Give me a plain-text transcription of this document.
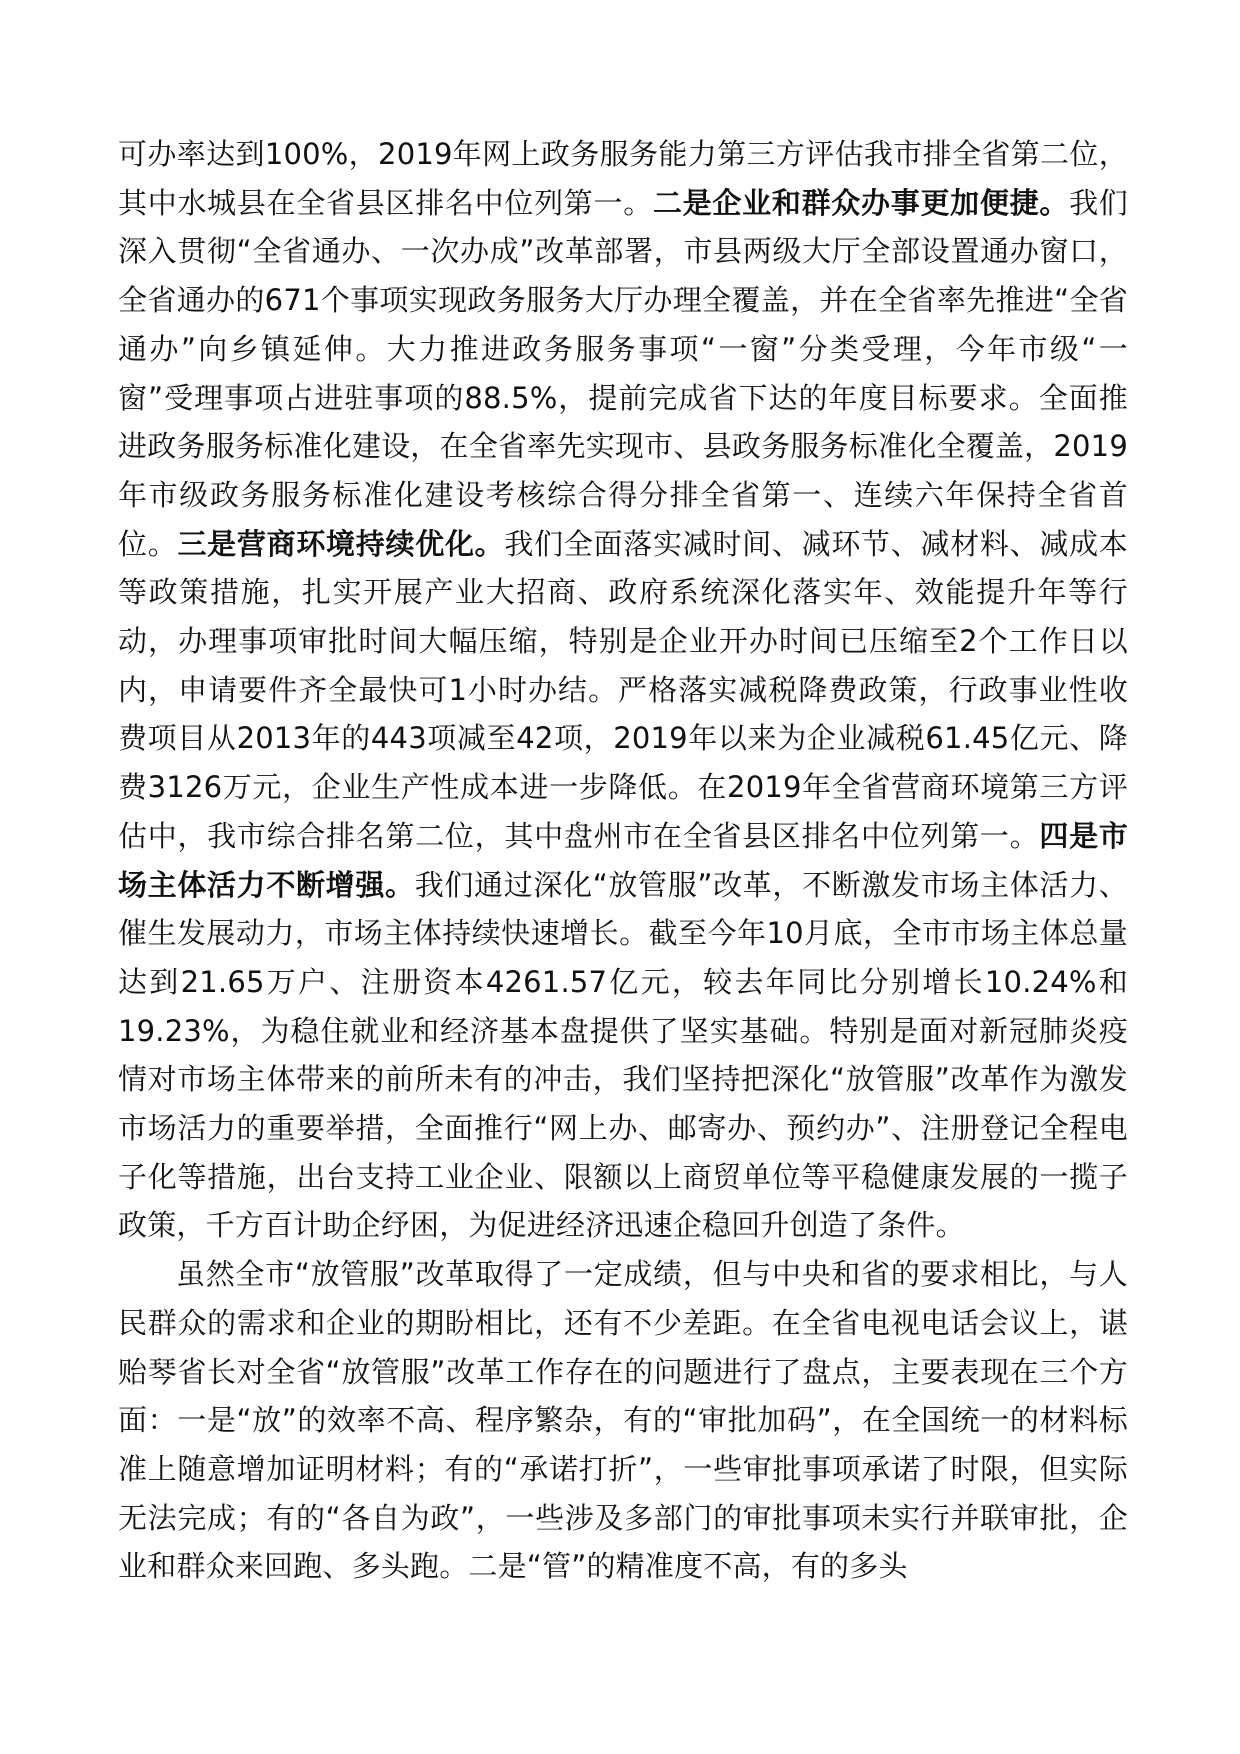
可办率达到100%，2019年网上政务服务能力第三方评估我市排全省第二位，其中水城县在全省县区排名中位列第一。二是企业和群众办事更加便捷。我们深入贯彻“全省通办、一次办成”改革部署，市县两级大厅全部设置通办窗口，全省通办的671个事项实现政务服务大厅办理全覆盖，并在全省率先推进“全省通办”向乡镇延伸。大力推进政务服务事项“一窗”分类受理，今年市级“一窗”受理事项占进驻事项的88.5%，提前完成省下达的年度目标要求。全面推进政务服务标准化建设，在全省率先实现市、县政务服务标准化全覆盖，2019年市级政务服务标准化建设考核综合得分排全省第一、连续六年保持全省首位。三是营商环境持续优化。我们全面落实减时间、减环节、减材料、减成本等政策措施，扎实开展产业大招商、政府系统深化落实年、效能提升年等行动，办理事项审批时间大幅压缩，特别是企业开办时间已压缩至2个工作日以内，申请要件齐全最快可1小时办结。严格落实减税降费政策，行政事业性收费项目从2013年的443项减至42项，2019年以来为企业减税61.45亿元、降费3126万元，企业生产性成本进一步降低。在2019年全省营商环境第三方评估中，我市综合排名第二位，其中盘州市在全省县区排名中位列第一。四是市场主体活力不断增强。我们通过深化“放管服”改革，不断激发市场主体活力、催生发展动力，市场主体持续快速增长。截至今年10月底，全市市场主体总量达到21.65万户、注册资本4261.57亿元，较去年同比分别增长10.24%和19.23%，为稳住就业和经济基本盘提供了坚实基础。特别是面对新冠肺炎疫情对市场主体带来的前所未有的冲击，我们坚持把深化“放管服”改革作为激发市场活力的重要举措，全面推行“网上办、邮寄办、预约办”、注册登记全程电子化等措施，出台支持工业企业、限额以上商贸单位等平稳健康发展的一揽子政策，千方百计助企纾困，为促进经济迅速企稳回升创造了条件。

虽然全市“放管服”改革取得了一定成绩，但与中央和省的要求相比，与人民群众的需求和企业的期盼相比，还有不少差距。在全省电视电话会议上，谌贻琴省长对全省“放管服”改革工作存在的问题进行了盘点，主要表现在三个方面：一是“放”的效率不高、程序繁杂，有的“审批加码”，在全国统一的材料标准上随意增加证明材料；有的“承诺打折”，一些审批事项承诺了时限，但实际无法完成；有的“各自为政”，一些涉及多部门的审批事项未实行并联审批，企业和群众来回跑、多头跑。二是“管”的精准度不高，有的多头
